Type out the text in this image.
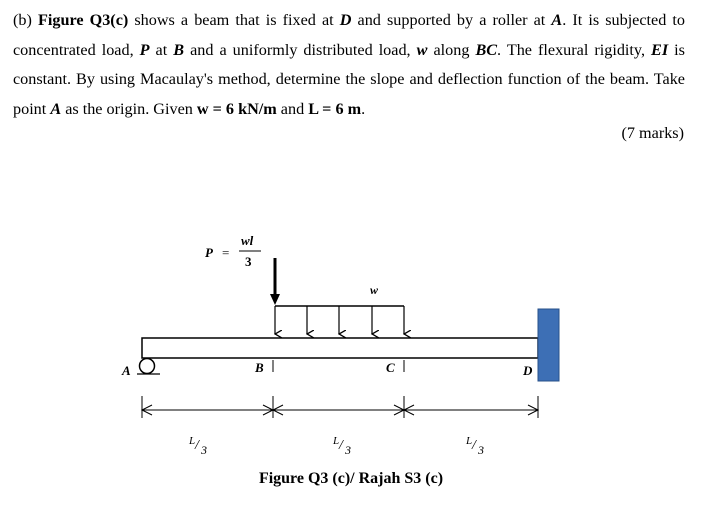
(b) Figure Q3(c) shows a beam that is fixed at D and supported by a roller at A. It is subjected to concentrated load, P at B and a uniformly distributed load, w along BC. The flexural rigidity, EI is constant. By using Macaulay's method, determine the slope and deflection function of the beam. Take point A as the origin. Given w = 6 kN/m and L = 6 m.

(7 marks)
P =
wl
3
w
A	B	C	D
L / 3
L / 3
L / 3
Figure Q3 (c)/ Rajah S3 (c)
